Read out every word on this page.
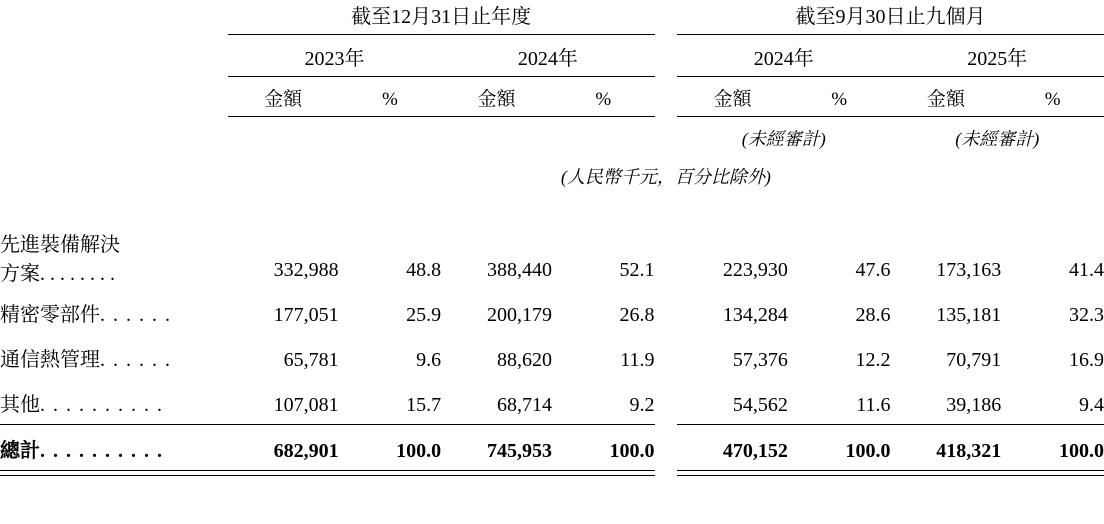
	截至12月31日止年度					截至9月30日止九個月			
	2023年		2024年			2024年		2025年	
	金額	%	金額	%		金額	%	金額	%
						(未經審計)		(未經審計)	
	(人民幣千元，百分比除外)								

先進裝備解決
方案. . . . . . . .	332,988	48.8	388,440	52.1		223,930	47.6	173,163	41.4
精密零部件. . . . . .	177,051	25.9	200,179	26.8		134,284	28.6	135,181	32.3
通信熱管理. . . . . .	65,781	9.6	88,620	11.9		57,376	12.2	70,791	16.9
其他. . . . . . . . . .	107,081	15.7	68,714	9.2		54,562	11.6	39,186	9.4
總計. . . . . . . . . .	682,901	100.0	745,953	100.0		470,152	100.0	418,321	100.0
